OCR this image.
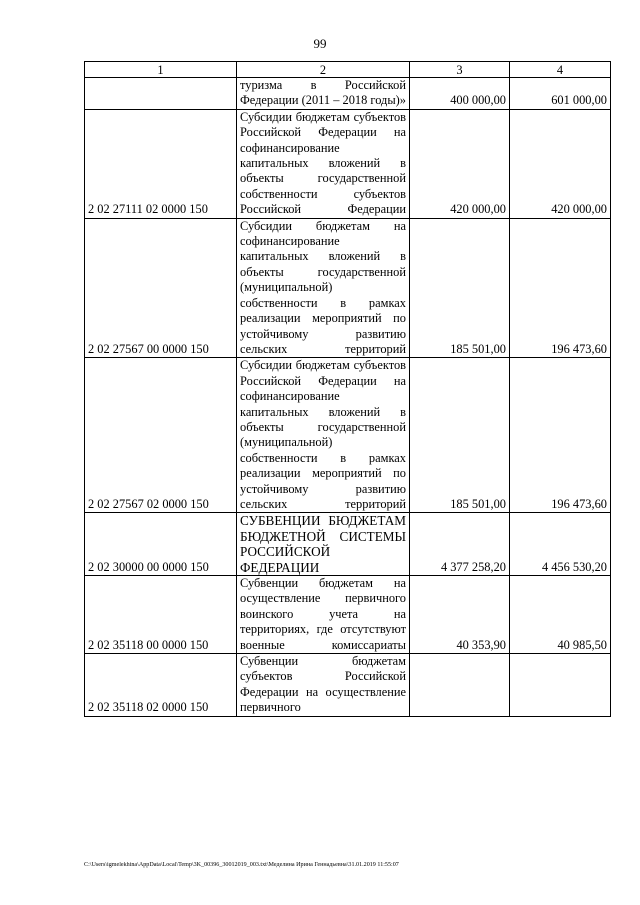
99
1	2	3	4
	туризма в Российской Федерации (2011 – 2018 годы)»	400 000,00	601 000,00
2 02 27111 02 0000 150	Субсидии бюджетам субъектов Российской Федерации на софинансирование капитальных вложений в объекты государственной собственности субъектов Российской Федерации	420 000,00	420 000,00
2 02 27567 00 0000 150	Субсидии бюджетам на софинансирование капитальных вложений в объекты государственной (муниципальной) собственности в рамках реализации мероприятий по устойчивому развитию сельских территорий	185 501,00	196 473,60
2 02 27567 02 0000 150	Субсидии бюджетам субъектов Российской Федерации на софинансирование капитальных вложений в объекты государственной (муниципальной) собственности в рамках реализации мероприятий по устойчивому развитию сельских территорий	185 501,00	196 473,60
2 02 30000 00 0000 150	СУБВЕНЦИИ БЮДЖЕТАМ БЮДЖЕТНОЙ СИСТЕМЫ РОССИЙСКОЙ ФЕДЕРАЦИИ	4 377 258,20	4 456 530,20
2 02 35118 00 0000 150	Субвенции бюджетам на осуществление первичного воинского учета на территориях, где отсутствуют военные комиссариаты	40 353,90	40 985,50
2 02 35118 02 0000 150	Субвенции бюджетам субъектов Российской Федерации на осуществление первичного		
C:\Users\igmelekhina\AppData\Local\Temp\3K_00396_30012019_003.txt\Меделина Ирина Геннадьевна\31.01.2019 11:55:07
